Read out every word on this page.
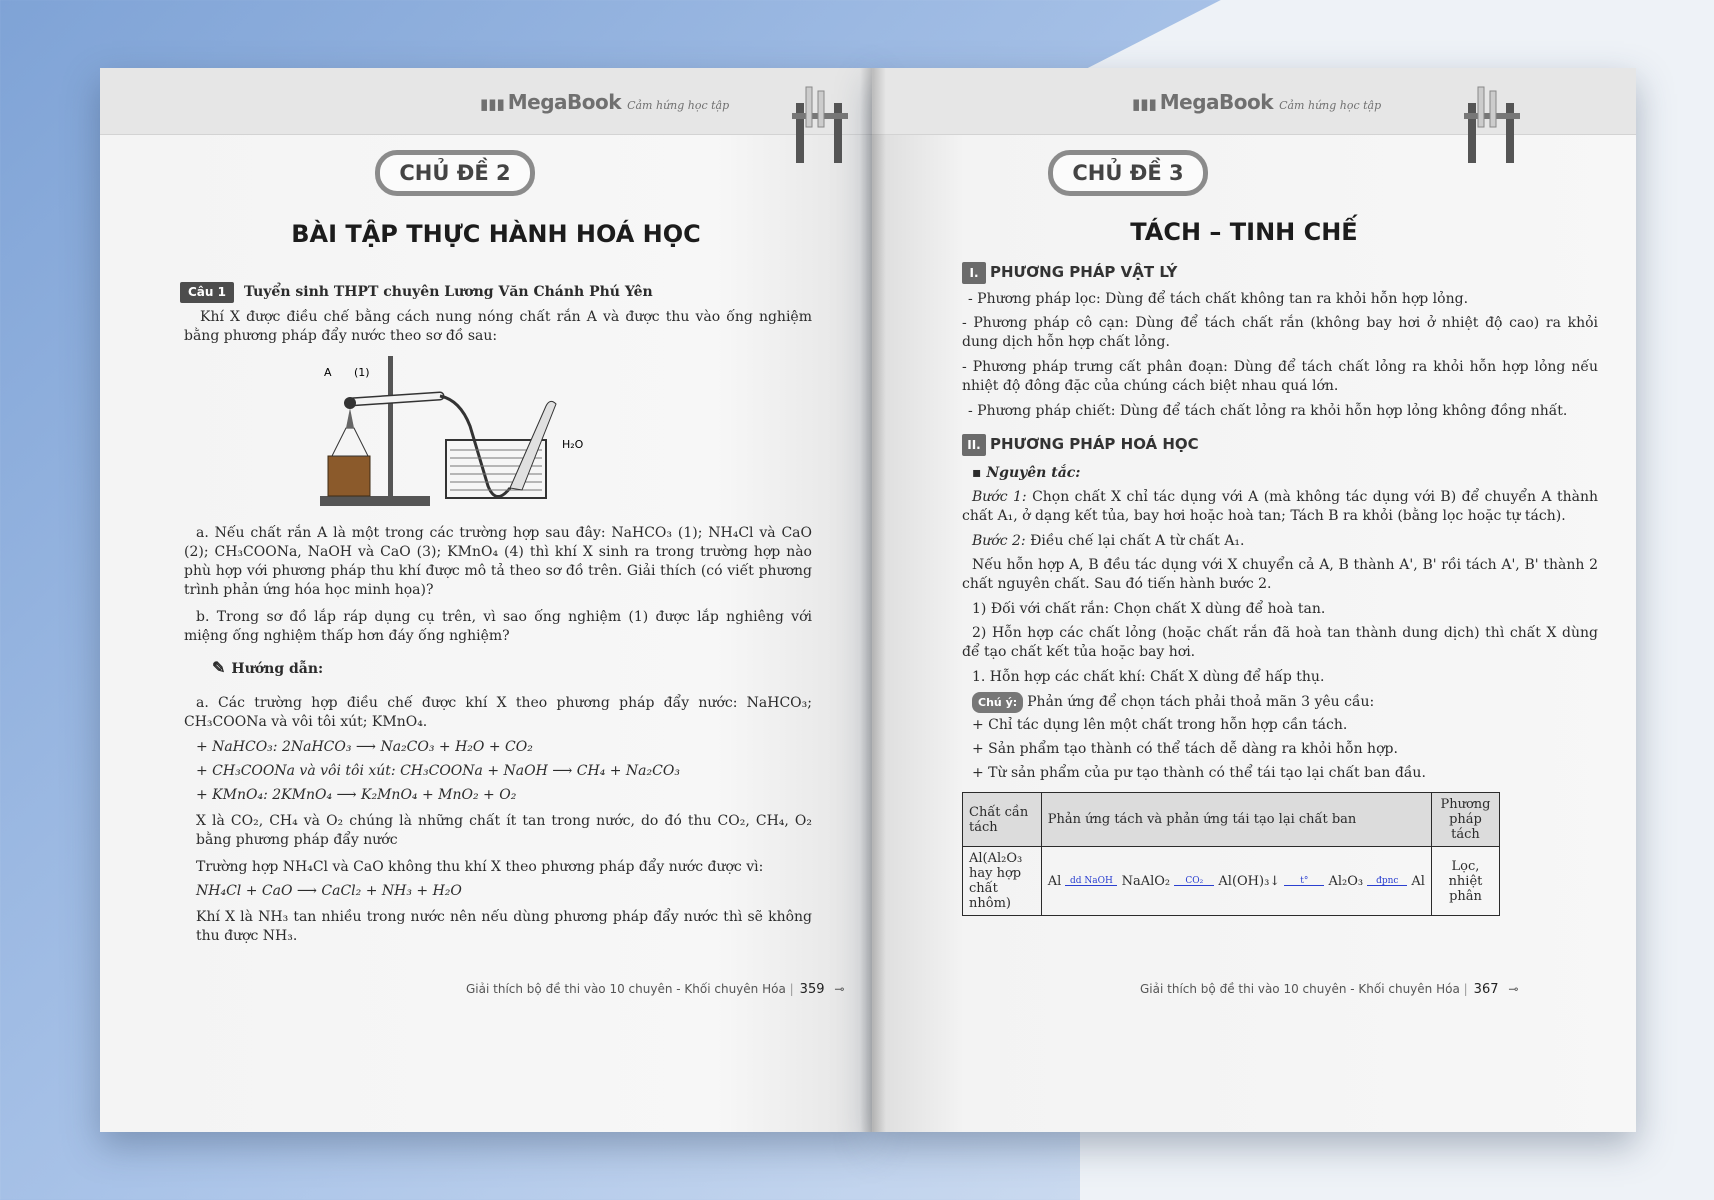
▮▮▮ MegaBook Cảm hứng học tập
CHỦ ĐỀ 2
BÀI TẬP THỰC HÀNH HOÁ HỌC
Câu 1 Tuyển sinh THPT chuyên Lương Văn Chánh Phú Yên
Khí X được điều chế bằng cách nung nóng chất rắn A và được thu vào ống nghiệm bằng phương pháp đẩy nước theo sơ đồ sau:
A (1)
H₂O
a. Nếu chất rắn A là một trong các trường hợp sau đây: NaHCO₃ (1); NH₄Cl và CaO (2); CH₃COONa, NaOH và CaO (3); KMnO₄ (4) thì khí X sinh ra trong trường hợp nào phù hợp với phương pháp thu khí được mô tả theo sơ đồ trên. Giải thích (có viết phương trình phản ứng hóa học minh họa)?
b. Trong sơ đồ lắp ráp dụng cụ trên, vì sao ống nghiệm (1) được lắp nghiêng với miệng ống nghiệm thấp hơn đáy ống nghiệm?
✎ Hướng dẫn:
a. Các trường hợp điều chế được khí X theo phương pháp đẩy nước: NaHCO₃; CH₃COONa và vôi tôi xút; KMnO₄.
+ NaHCO₃: 2NaHCO₃ ⟶ Na₂CO₃ + H₂O + CO₂
+ CH₃COONa và vôi tôi xút: CH₃COONa + NaOH ⟶ CH₄ + Na₂CO₃
+ KMnO₄: 2KMnO₄ ⟶ K₂MnO₄ + MnO₂ + O₂
X là CO₂, CH₄ và O₂ chúng là những chất ít tan trong nước, do đó thu CO₂, CH₄, O₂ bằng phương pháp đẩy nước
Trường hợp NH₄Cl và CaO không thu khí X theo phương pháp đẩy nước được vì:
NH₄Cl + CaO ⟶ CaCl₂ + NH₃ + H₂O
Khí X là NH₃ tan nhiều trong nước nên nếu dùng phương pháp đẩy nước thì sẽ không thu được NH₃.
Giải thích bộ đề thi vào 10 chuyên - Khối chuyên Hóa | 359 ⊸
▮▮▮ MegaBook Cảm hứng học tập
CHỦ ĐỀ 3
TÁCH – TINH CHẾ
I. PHƯƠNG PHÁP VẬT LÝ
- Phương pháp lọc: Dùng để tách chất không tan ra khỏi hỗn hợp lỏng.
- Phương pháp cô cạn: Dùng để tách chất rắn (không bay hơi ở nhiệt độ cao) ra khỏi dung dịch hỗn hợp chất lỏng.
- Phương pháp trưng cất phân đoạn: Dùng để tách chất lỏng ra khỏi hỗn hợp lỏng nếu nhiệt độ đông đặc của chúng cách biệt nhau quá lớn.
- Phương pháp chiết: Dùng để tách chất lỏng ra khỏi hỗn hợp lỏng không đồng nhất.
II. PHƯƠNG PHÁP HOÁ HỌC
▪ Nguyên tắc:
Bước 1: Chọn chất X chỉ tác dụng với A (mà không tác dụng với B) để chuyển A thành chất A₁, ở dạng kết tủa, bay hơi hoặc hoà tan; Tách B ra khỏi (bằng lọc hoặc tự tách).
Bước 2: Điều chế lại chất A từ chất A₁.
Nếu hỗn hợp A, B đều tác dụng với X chuyển cả A, B thành A', B' rồi tách A', B' thành 2 chất nguyên chất. Sau đó tiến hành bước 2.
1) Đối với chất rắn: Chọn chất X dùng để hoà tan.
2) Hỗn hợp các chất lỏng (hoặc chất rắn đã hoà tan thành dung dịch) thì chất X dùng để tạo chất kết tủa hoặc bay hơi.
1. Hỗn hợp các chất khí: Chất X dùng để hấp thụ.
Chú ý: Phản ứng để chọn tách phải thoả mãn 3 yêu cầu:
+ Chỉ tác dụng lên một chất trong hỗn hợp cần tách.
+ Sản phẩm tạo thành có thể tách dễ dàng ra khỏi hỗn hợp.
+ Từ sản phẩm của pư tạo thành có thể tái tạo lại chất ban đầu.
Chất cần tách	Phản ứng tách và phản ứng tái tạo lại chất ban	Phương pháp tách
Al(Al₂O₃ hay hợp chất nhôm)	Al dd NaOH NaAlO₂ CO₂ Al(OH)₃↓ t° Al₂O₃ đpnc Al	Lọc, nhiệt phân
Giải thích bộ đề thi vào 10 chuyên - Khối chuyên Hóa | 367 ⊸
